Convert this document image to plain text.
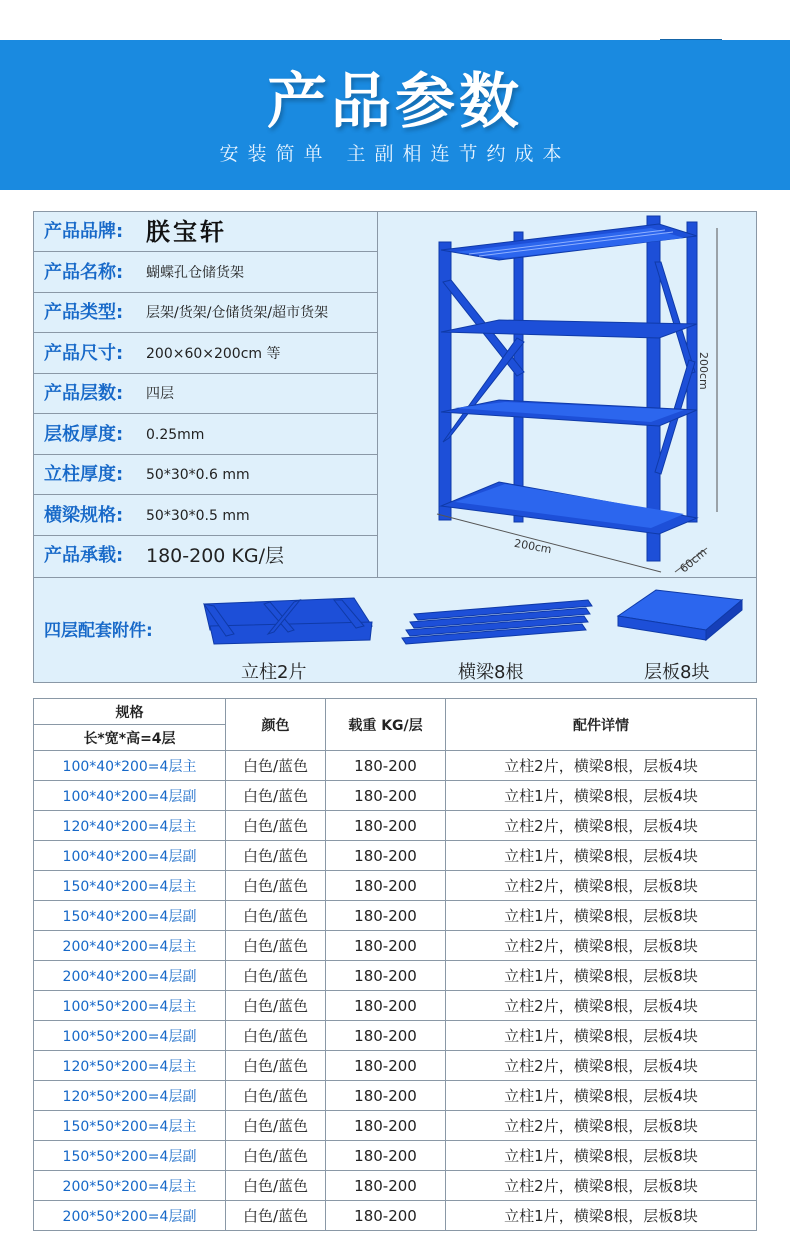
产品参数
安装简单 主副相连节约成本
产品品牌: 朕宝轩
产品名称: 蝴蝶孔仓储货架
产品类型: 层架/货架/仓储货架/超市货架
产品尺寸: 200×60×200cm 等
产品层数: 四层
层板厚度: 0.25mm
立柱厚度: 50*30*0.6 mm
横梁规格: 50*30*0.5 mm
产品承载: 180-200 KG/层
200cm
200cm	60cm
四层配套附件:
立柱2片	横梁8根	层板8块
规格	颜色	载重 KG/层	配件详情
长*宽*高=4层			
100*40*200=4层主	白色/蓝色	180-200	立柱2片，横梁8根，层板4块
100*40*200=4层副	白色/蓝色	180-200	立柱1片，横梁8根，层板4块
120*40*200=4层主	白色/蓝色	180-200	立柱2片，横梁8根，层板4块
100*40*200=4层副	白色/蓝色	180-200	立柱1片，横梁8根，层板4块
150*40*200=4层主	白色/蓝色	180-200	立柱2片，横梁8根，层板8块
150*40*200=4层副	白色/蓝色	180-200	立柱1片，横梁8根，层板8块
200*40*200=4层主	白色/蓝色	180-200	立柱2片，横梁8根，层板8块
200*40*200=4层副	白色/蓝色	180-200	立柱1片，横梁8根，层板8块
100*50*200=4层主	白色/蓝色	180-200	立柱2片，横梁8根，层板4块
100*50*200=4层副	白色/蓝色	180-200	立柱1片，横梁8根，层板4块
120*50*200=4层主	白色/蓝色	180-200	立柱2片，横梁8根，层板4块
120*50*200=4层副	白色/蓝色	180-200	立柱1片，横梁8根，层板4块
150*50*200=4层主	白色/蓝色	180-200	立柱2片，横梁8根，层板8块
150*50*200=4层副	白色/蓝色	180-200	立柱1片，横梁8根，层板8块
200*50*200=4层主	白色/蓝色	180-200	立柱2片，横梁8根，层板8块
200*50*200=4层副	白色/蓝色	180-200	立柱1片，横梁8根，层板8块
